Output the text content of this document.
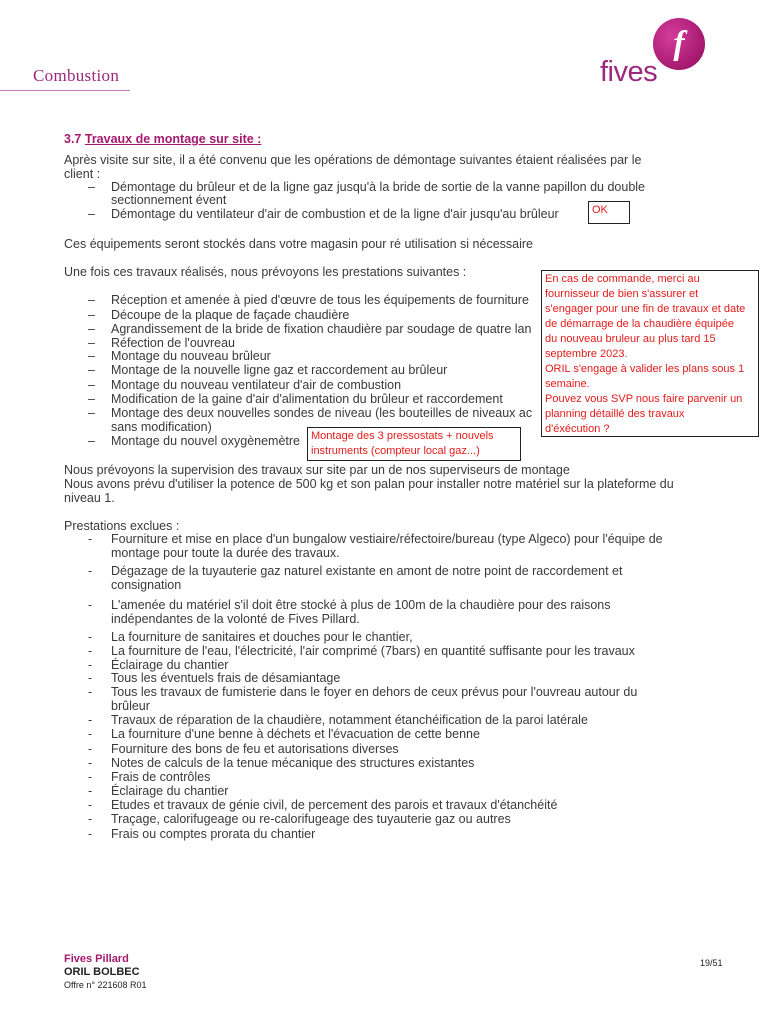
Combustion
f
fives
3.7 Travaux de montage sur site :
Après visite sur site, il a été convenu que les opérations de démontage suivantes étaient réalisées par le
client :
– Démontage du brûleur et de la ligne gaz jusqu'à la bride de sortie de la vanne papillon du double
sectionnement évent
– Démontage du ventilateur d'air de combustion et de la ligne d'air jusqu'au brûleur
Ces équipements seront stockés dans votre magasin pour ré utilisation si nécessaire
Une fois ces travaux réalisés, nous prévoyons les prestations suivantes :
– Réception et amenée à pied d'œuvre de tous les équipements de fourniture
– Découpe de la plaque de façade chaudière
– Agrandissement de la bride de fixation chaudière par soudage de quatre lan
– Réfection de l'ouvreau
– Montage du nouveau brûleur
– Montage de la nouvelle ligne gaz et raccordement au brûleur
– Montage du nouveau ventilateur d'air de combustion
– Modification de la gaine d'air d'alimentation du brûleur et raccordement
– Montage des deux nouvelles sondes de niveau (les bouteilles de niveaux ac
sans modification)
– Montage du nouvel oxygènemètre
Nous prévoyons la supervision des travaux sur site par un de nos superviseurs de montage
Nous avons prévu d'utiliser la potence de 500 kg et son palan pour installer notre matériel sur la plateforme du
niveau 1.
Prestations exclues :
- Fourniture et mise en place d'un bungalow vestiaire/réfectoire/bureau (type Algeco) pour l'équipe de
montage pour toute la durée des travaux.
- Dégazage de la tuyauterie gaz naturel existante en amont de notre point de raccordement et
consignation
- L'amenée du matériel s'il doit être stocké à plus de 100m de la chaudière pour des raisons
indépendantes de la volonté de Fives Pillard.
- La fourniture de sanitaires et douches pour le chantier,
- La fourniture de l'eau, l'électricité, l'air comprimé (7bars) en quantité suffisante pour les travaux
- Éclairage du chantier
- Tous les éventuels frais de désamiantage
- Tous les travaux de fumisterie dans le foyer en dehors de ceux prévus pour l'ouvreau autour du
brûleur
- Travaux de réparation de la chaudière, notamment étanchéification de la paroi latérale
- La fourniture d'une benne à déchets et l'évacuation de cette benne
- Fourniture des bons de feu et autorisations diverses
- Notes de calculs de la tenue mécanique des structures existantes
- Frais de contrôles
- Éclairage du chantier
- Etudes et travaux de génie civil, de percement des parois et travaux d'étanchéité
- Traçage, calorifugeage ou re-calorifugeage des tuyauterie gaz ou autres
- Frais ou comptes prorata du chantier
OK
En cas de commande, merci au
fournisseur de bien s'assurer et
s'engager pour une fin de travaux et date
de démarrage de la chaudière équipée
du nouveau bruleur au plus tard 15
septembre 2023.
ORIL s'engage à valider les plans sous 1
semaine.
Pouvez vous SVP nous faire parvenir un
planning détaillé des travaux
d'éxécution ?
Montage des 3 pressostats + nouvels
instruments (compteur local gaz...)
Fives Pillard
ORIL BOLBEC
Offre n° 221608 R01
19/51
